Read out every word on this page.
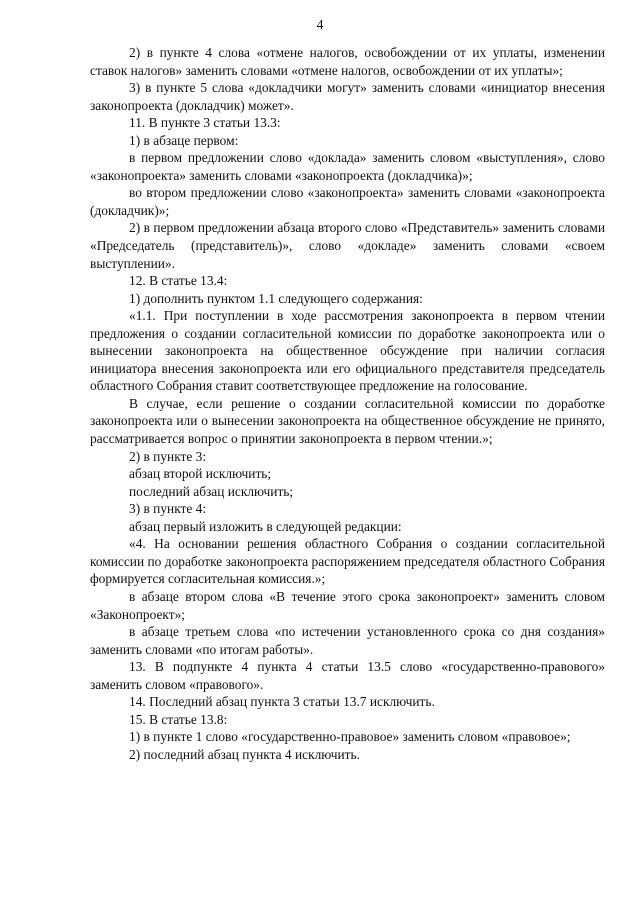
4

2) в пункте 4 слова «отмене налогов, освобождении от их уплаты, изменении ставок налогов» заменить словами «отмене налогов, освобождении от их уплаты»;

3) в пункте 5 слова «докладчики могут» заменить словами «инициатор внесения законопроекта (докладчик) может».

11. В пункте 3 статьи 13.3:

1) в абзаце первом:

в первом предложении слово «доклада» заменить словом «выступления», слово «законопроекта» заменить словами «законопроекта (докладчика)»;

во втором предложении слово «законопроекта» заменить словами «законопроекта (докладчик)»;

2) в первом предложении абзаца второго слово «Представитель» заменить словами «Председатель (представитель)», слово «докладе» заменить словами «своем выступлении».

12. В статье 13.4:

1) дополнить пунктом 1.1 следующего содержания:

«1.1. При поступлении в ходе рассмотрения законопроекта в первом чтении предложения о создании согласительной комиссии по доработке законопроекта или о вынесении законопроекта на общественное обсуждение при наличии согласия инициатора внесения законопроекта или его официального представителя председатель областного Собрания ставит соответствующее предложение на голосование.

В случае, если решение о создании согласительной комиссии по доработке законопроекта или о вынесении законопроекта на общественное обсуждение не принято, рассматривается вопрос о принятии законопроекта в первом чтении.»;

2) в пункте 3:

абзац второй исключить;

последний абзац исключить;

3) в пункте 4:

абзац первый изложить в следующей редакции:

«4. На основании решения областного Собрания о создании согласительной комиссии по доработке законопроекта распоряжением председателя областного Собрания формируется согласительная комиссия.»;

в абзаце втором слова «В течение этого срока законопроект» заменить словом «Законопроект»;

в абзаце третьем слова «по истечении установленного срока со дня создания» заменить словами «по итогам работы».

13. В подпункте 4 пункта 4 статьи 13.5 слово «государственно-правового» заменить словом «правового».

14. Последний абзац пункта 3 статьи 13.7 исключить.

15. В статье 13.8:

1) в пункте 1 слово «государственно-правовое» заменить словом «правовое»;

2) последний абзац пункта 4 исключить.
